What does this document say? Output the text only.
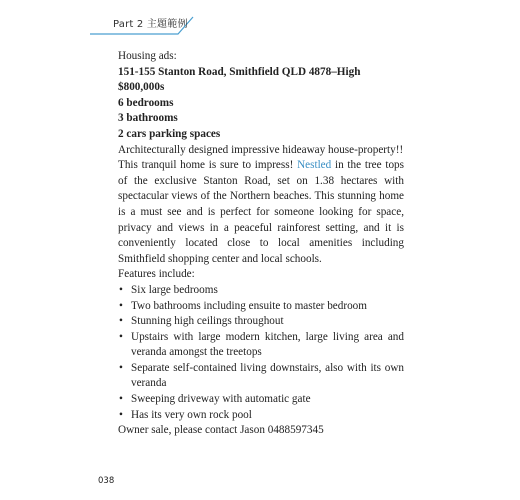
Part 2 主題範例

Housing ads:

151-155 Stanton Road, Smithfield QLD 4878–High $800,000s

6 bedrooms

3 bathrooms

2 cars parking spaces

Architecturally designed impressive hideaway house-property!!

This tranquil home is sure to impress! Nestled in the tree tops of the exclusive Stanton Road, set on 1.38 hectares with spectacular views of the Northern beaches. This stunning home is a must see and is perfect for someone looking for space, privacy and views in a peaceful rainforest setting, and it is conveniently located close to local amenities including Smithfield shopping center and local schools.

Features include:

• Six large bedrooms
• Two bathrooms including ensuite to master bedroom
• Stunning high ceilings throughout
• Upstairs with large modern kitchen, large living area and veranda amongst the treetops
• Separate self-contained living downstairs, also with its own veranda
• Sweeping driveway with automatic gate
• Has its very own rock pool

Owner sale, please contact Jason 0488597345

038
